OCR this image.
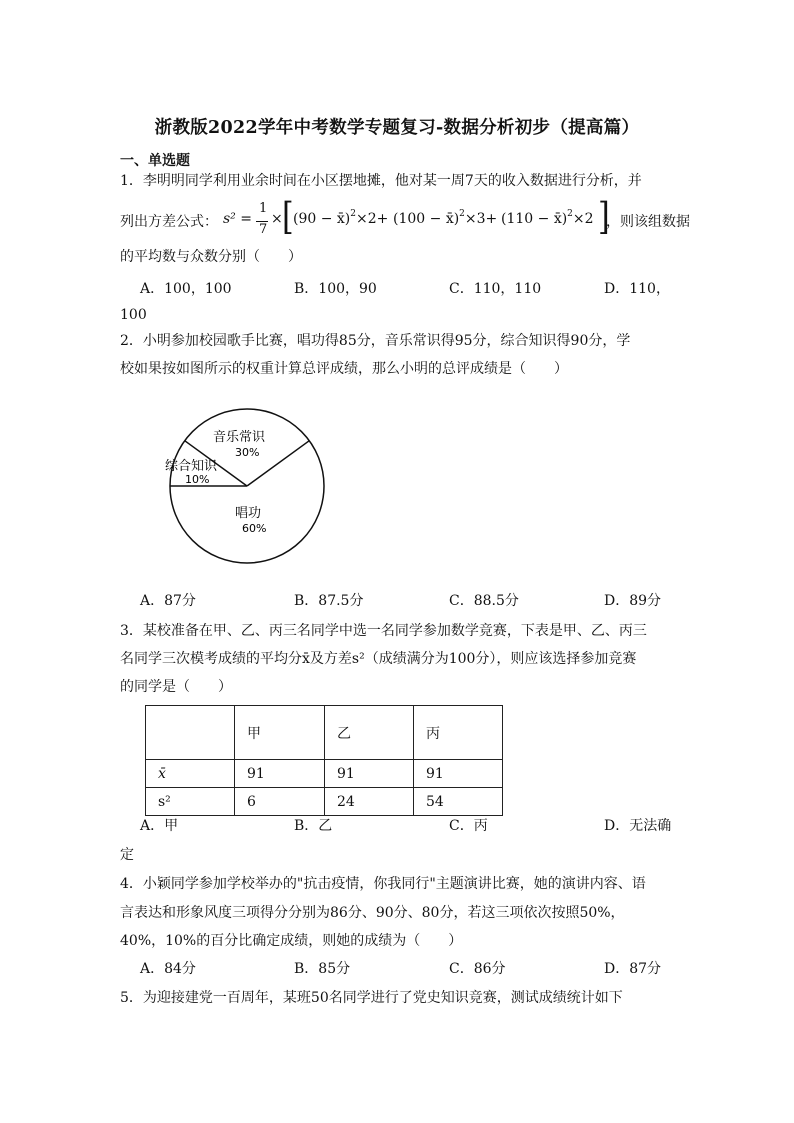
浙教版2022学年中考数学专题复习-数据分析初步（提高篇）
一、单选题
1．李明明同学利用业余时间在小区摆地摊，他对某一周7天的收入数据进行分析，并
列出方差公式： s² =
1
7
× [ (90 − x̄)$^2$×2+ (100 − x̄)$^2$×3+ (110 − x̄)$^2$×2 ]
，则该组数据
的平均数与众数分别（　　）
A．100，100	B．100，90	C．110，110	D．110，
100
2．小明参加校园歌手比赛，唱功得85分，音乐常识得95分，综合知识得90分，学
校如果按如图所示的权重计算总评成绩，那么小明的总评成绩是（　　）
音乐常识
30%
综合知识
10%
唱功
60%
A．87分	B．87.5分	C．88.5分	D．89分
3．某校准备在甲、乙、丙三名同学中选一名同学参加数学竞赛，下表是甲、乙、丙三
名同学三次模考成绩的平均分x̄及方差s²（成绩满分为100分），则应该选择参加竞赛
的同学是（　　）
	甲	乙	丙
x̄	91	91	91
s²	6	24	54
A．甲	B．乙	C．丙	D．无法确
定
4．小颖同学参加学校举办的"抗击疫情，你我同行"主题演讲比赛，她的演讲内容、语
言表达和形象风度三项得分分别为86分、90分、80分，若这三项依次按照50%，
40%，10%的百分比确定成绩，则她的成绩为（　　）
A．84分	B．85分	C．86分	D．87分
5．为迎接建党一百周年，某班50名同学进行了党史知识竞赛，测试成绩统计如下
